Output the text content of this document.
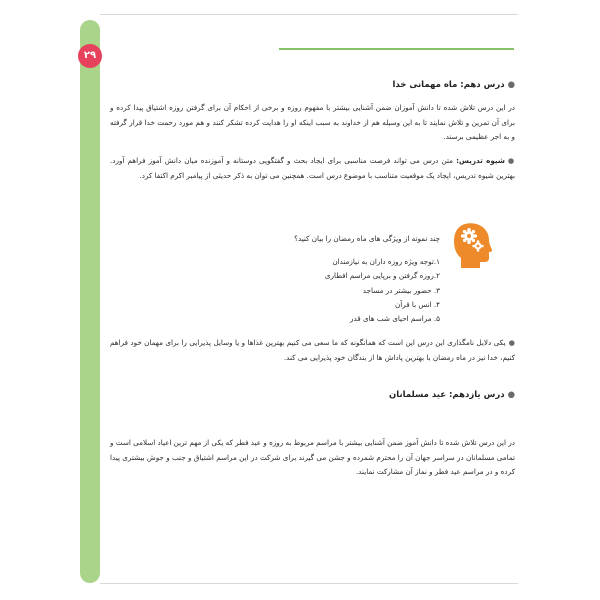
۲۹
●درس دهم: ماه مهمانی خدا
در این درس تلاش شده تا دانش آموزان ضمن آشنایی بیشتر با مفهوم روزه و برخی از احکام آن برای گرفتن روزه اشتیاق پیدا کرده و برای آن تمرین و تلاش نمایند تا به این وسیله هم از خداوند به سبب اینکه او را هدایت کرده تشکر کنند و هم مورد رحمت خدا قرار گرفته و به اجر عظیمی برسند.
●شیوه تدریس: متن درس می تواند فرصت مناسبی برای ایجاد بحث و گفتگویی دوستانه و آموزنده میان دانش آموز فراهم آورد. بهترین شیوه تدریس، ایجاد یک موقعیت متناسب با موضوع درس است. همچنین می توان به ذکر حدیثی از پیامبر اکرم اکتفا کرد.
چند نمونه از ویژگی های ماه رمضان را بیان کنید؟
۱.توجه ویژه روزه داران به نیازمندان
۲.روزه گرفتن و برپایی مراسم افطاری
۳. حضور بیشتر در مساجد
۴. انس با قرآن
۵. مراسم احیای شب های قدر
●یکی دلایل نامگذاری این درس این است که همانگونه که ما سعی می کنیم بهترین غذاها و یا وسایل پذیرایی را برای مهمان خود فراهم کنیم، خدا نیز در ماه رمضان با بهترین پاداش ها از بندگان خود پذیرایی می کند.
●درس یازدهم: عید مسلمانان
در این درس تلاش شده تا دانش آموز ضمن آشنایی بیشتر با مراسم مربوط به روزه و عید فطر که یکی از مهم ترین اعیاد اسلامی است و تمامی مسلمانان در سراسر جهان آن را محترم شمرده و جشن می گیرند برای شرکت در این مراسم اشتیاق و جنب و جوش بیشتری پیدا کرده و در مراسم عید فطر و نماز آن مشارکت نمایند.
